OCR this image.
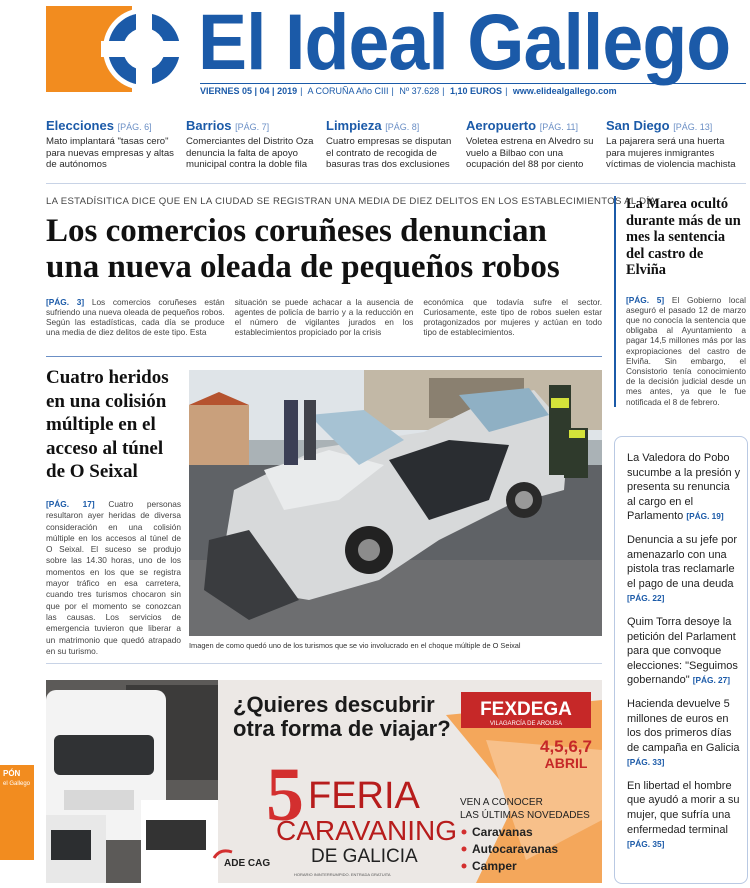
El Ideal Gallego
VIERNES 05 | 04 | 2019 | A CORUÑA Año CIII | Nº 37.628 | 1,10 EUROS | www.elidealgallego.com
Elecciones [PÁG. 6]
Mato implantará "tasas cero" para nuevas empresas y altas de autónomos
Barrios [PÁG. 7]
Comerciantes del Distrito Oza denuncia la falta de apoyo municipal contra la doble fila
Limpieza [PÁG. 8]
Cuatro empresas se disputan el contrato de recogida de basuras tras dos exclusiones
Aeropuerto [PÁG. 11]
Voleteа estrena en Alvedro su vuelo a Bilbao con una ocupación del 88 por ciento
San Diego [PÁG. 13]
La pajarera será una huerta para mujeres inmigrantes víctimas de violencia machista
LA ESTADÍSITICA DICE QUE EN LA CIUDAD SE REGISTRAN UNA MEDIA DE DIEZ DELITOS EN LOS ESTABLECIMIENTOS AL DÍA
Los comercios coruñeses denuncian una nueva oleada de pequeños robos
[PÁG. 3] Los comercios coruñeses están sufriendo una nueva oleada de pequeños robos. Según las estadísticas, cada día se produce una media de diez delitos de este tipo. Esta
situación se puede achacar a la ausencia de agentes de policía de barrio y a la reducción en el número de vigilantes jurados en los establecimientos propiciado por la crisis
económica que todavía sufre el sector. Curiosamente, este tipo de robos suelen estar protagonizados por mujeres y actúan en todo tipo de establecimientos.
Cuatro heridos en una colisión múltiple en el acceso al túnel de O Seixal
[PÁG. 17] Cuatro personas resultaron ayer heridas de diversa consideración en una colisión múltiple en los accesos al túnel de O Seixal. El suceso se produjo sobre las 14.30 horas, uno de los momentos en los que se registra mayor tráfico en esa carretera, cuando tres turismos chocaron sin que por el momento se conozcan las causas. Los servicios de emergencia tuvieron que liberar a un matrimonio que quedó atrapado en su turismo.
Imagen de como quedó uno de los turismos que se vio involucrado en el choque múltiple de O Seixal
La Marea ocultó durante más de un mes la sentencia del castro de Elviña

[PÁG. 5] El Gobierno local aseguró el pasado 12 de marzo que no conocía la sentencia que obligaba al Ayuntamiento a pagar 14,5 millones más por las expropiaciones del castro de Elviña. Sin embargo, el Consistorio tenía conocimiento de la decisión judicial desde un mes antes, ya que le fue notificada el 8 de febrero.

La Valedora do Pobo sucumbe a la presión y presenta su renuncia al cargo en el Parlamento [PÁG. 19]
Denuncia a su jefe por amenazarlo con una pistola tras reclamarle el pago de una deuda [PÁG. 22]
Quim Torra desoye la petición del Parlament para que convoque elecciones: "Seguimos gobernando" [PÁG. 27]
Hacienda devuelve 5 millones de euros en los dos primeros días de campaña en Galicia [PÁG. 33]
En libertad el hombre que ayudó a morir a su mujer, que sufría una enfermedad terminal [PÁG. 35]
¿Quieres descubrir
otra forma de viajar?
FEXDEGA
VILAGARCÍA DE AROUSA
4,5,6,7
ABRIL
5 FERIA
CARAVANING
DE GALICIA
VEN A CONOCER
LAS ÚLTIMAS NOVEDADES
Caravanas
Autocaravanas
Camper
ADE CAG
HORARIO ININTERRUMPIDO. ENTRADA GRATUITA
PÓN
el Gallego
